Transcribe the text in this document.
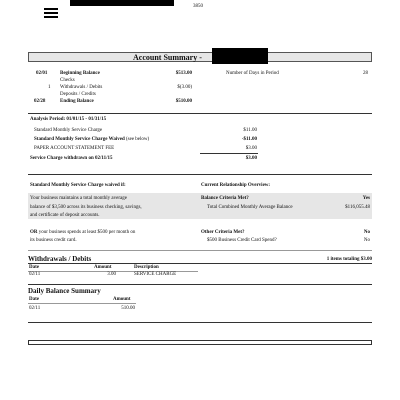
3850
Account Summary -
02/01	Beginning Balance	$513.00
Checks
1 Withdrawals / Debits	$(3.00)
Deposits / Credits
02/28	Ending Balance	$510.00
Number of Days in Period	28
Analysis Period: 01/01/15 - 01/31/15
Standard Monthly Service Charge	$11.00
Standard Monthly Service Charge Waived (see below)	-$11.00
PAPER ACCOUNT STATEMENT FEE	$3.00
Service Charge withdrawn on 02/11/15	$3.00
Standard Monthly Service Charge waived if:	Current Relationship Overview:
Your business maintains a total monthly average
balance of $3,500 across its business checking, savings,
and certificate of deposit accounts.
Balance Criteria Met?	Yes
Total Combined Monthly Average Balance	$116,055.48
OR your business spends at least $500 per month on
its business credit card.
Other Criteria Met?	No
$500 Business Credit Card Spend?	No
Withdrawals / Debits	1 items totaling $3.00
Date	Amount	Description
02/11	3.00	SERVICE CHARGE
Daily Balance Summary
Date	Amount
02/11	510.00
